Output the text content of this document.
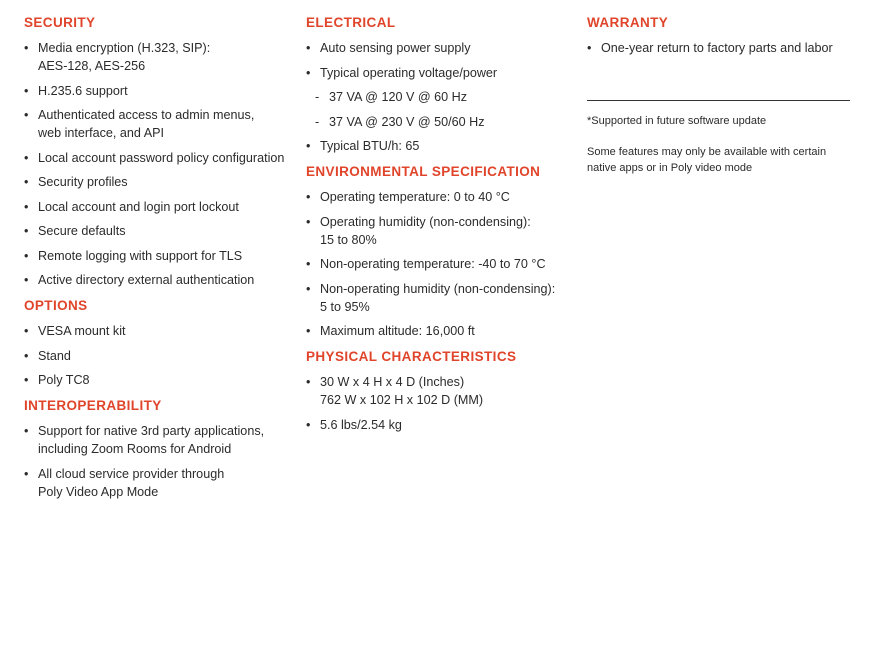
SECURITY
• Media encryption (H.323, SIP):
AES-128, AES-256
• H.235.6 support
• Authenticated access to admin menus,
web interface, and API
• Local account password policy configuration
• Security profiles
• Local account and login port lockout
• Secure defaults
• Remote logging with support for TLS
• Active directory external authentication
OPTIONS
• VESA mount kit
• Stand
• Poly TC8
INTEROPERABILITY
• Support for native 3rd party applications,
including Zoom Rooms for Android
• All cloud service provider through
Poly Video App Mode
ELECTRICAL
• Auto sensing power supply
• Typical operating voltage/power
- 37 VA @ 120 V @ 60 Hz
- 37 VA @ 230 V @ 50/60 Hz
• Typical BTU/h: 65
ENVIRONMENTAL SPECIFICATION
• Operating temperature: 0 to 40 °C
• Operating humidity (non-condensing):
15 to 80%
• Non-operating temperature: -40 to 70 °C
• Non-operating humidity (non-condensing):
5 to 95%
• Maximum altitude: 16,000 ft
PHYSICAL CHARACTERISTICS
• 30 W x 4 H x 4 D (Inches)
762 W x 102 H x 102 D (MM)
• 5.6 lbs/2.54 kg
WARRANTY
• One-year return to factory parts and labor

*Supported in future software update

Some features may only be available with certain native apps or in Poly video mode
